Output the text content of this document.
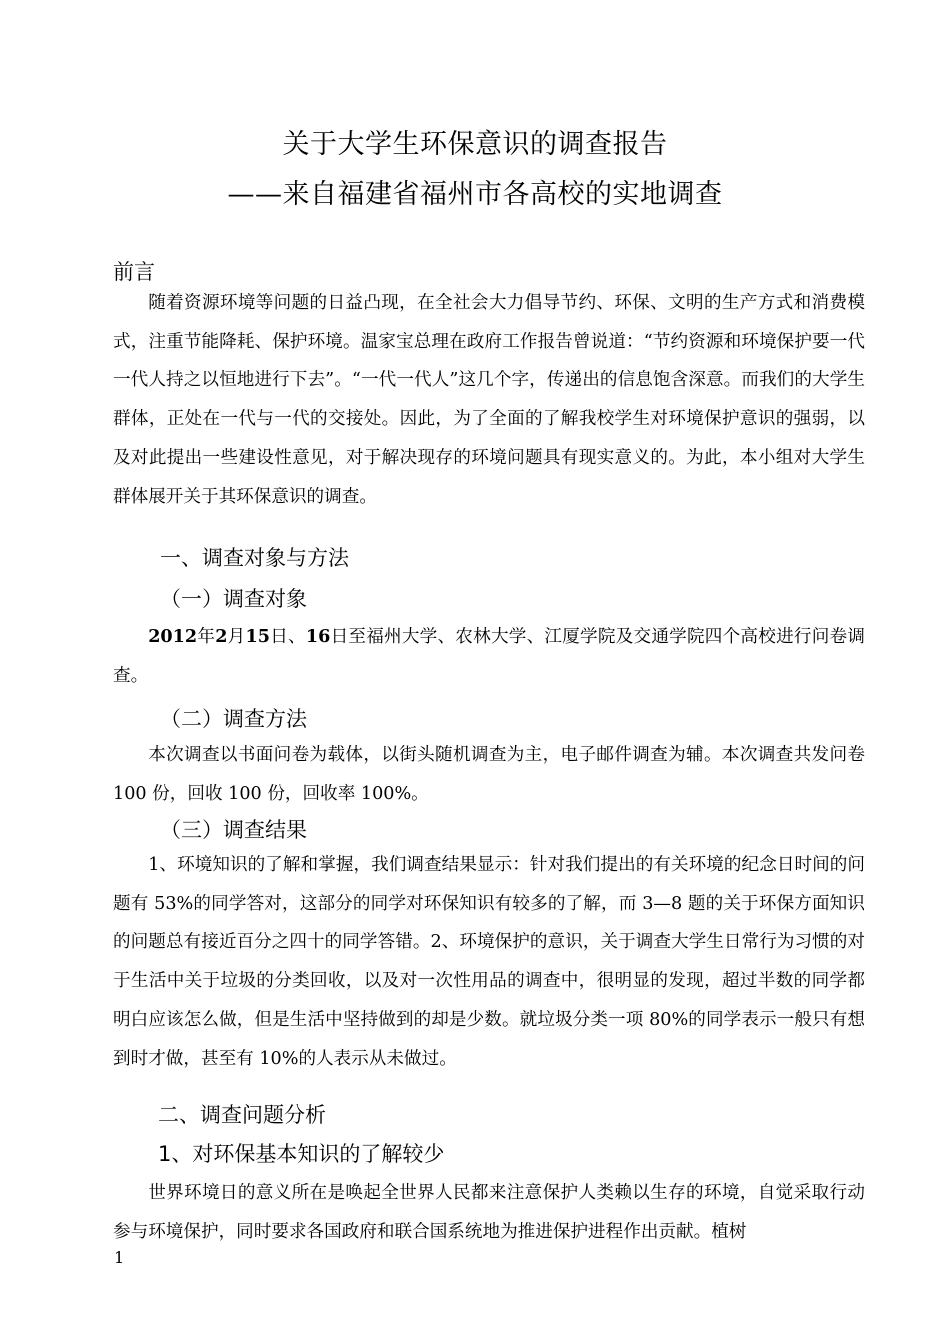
关于大学生环保意识的调查报告
——来自福建省福州市各高校的实地调查
前言

随着资源环境等问题的日益凸现，在全社会大力倡导节约、环保、文明的生产方式和消费模式，注重节能降耗、保护环境。温家宝总理在政府工作报告曾说道：“节约资源和环境保护要一代一代人持之以恒地进行下去”。“一代一代人”这几个字，传递出的信息饱含深意。而我们的大学生群体，正处在一代与一代的交接处。因此，为了全面的了解我校学生对环境保护意识的强弱，以及对此提出一些建设性意见，对于解决现存的环境问题具有现实意义的。为此，本小组对大学生群体展开关于其环保意识的调查。

一、调查对象与方法
（一）调查对象

2012年2月15日、16日至福州大学、农林大学、江厦学院及交通学院四个高校进行问卷调查。

（二）调查方法

本次调查以书面问卷为载体，以街头随机调查为主，电子邮件调查为辅。本次调查共发问卷 100 份，回收 100 份，回收率 100%。

（三）调查结果

1、环境知识的了解和掌握，我们调查结果显示：针对我们提出的有关环境的纪念日时间的问题有 53%的同学答对，这部分的同学对环保知识有较多的了解，而 3—8 题的关于环保方面知识的问题总有接近百分之四十的同学答错。2、环境保护的意识，关于调查大学生日常行为习惯的对于生活中关于垃圾的分类回收，以及对一次性用品的调查中，很明显的发现，超过半数的同学都明白应该怎么做，但是生活中坚持做到的却是少数。就垃圾分类一项 80%的同学表示一般只有想到时才做，甚至有 10%的人表示从未做过。

二、调查问题分析
1、对环保基本知识的了解较少

世界环境日的意义所在是唤起全世界人民都来注意保护人类赖以生存的环境，自觉采取行动参与环境保护，同时要求各国政府和联合国系统地为推进保护进程作出贡献。植树

1
